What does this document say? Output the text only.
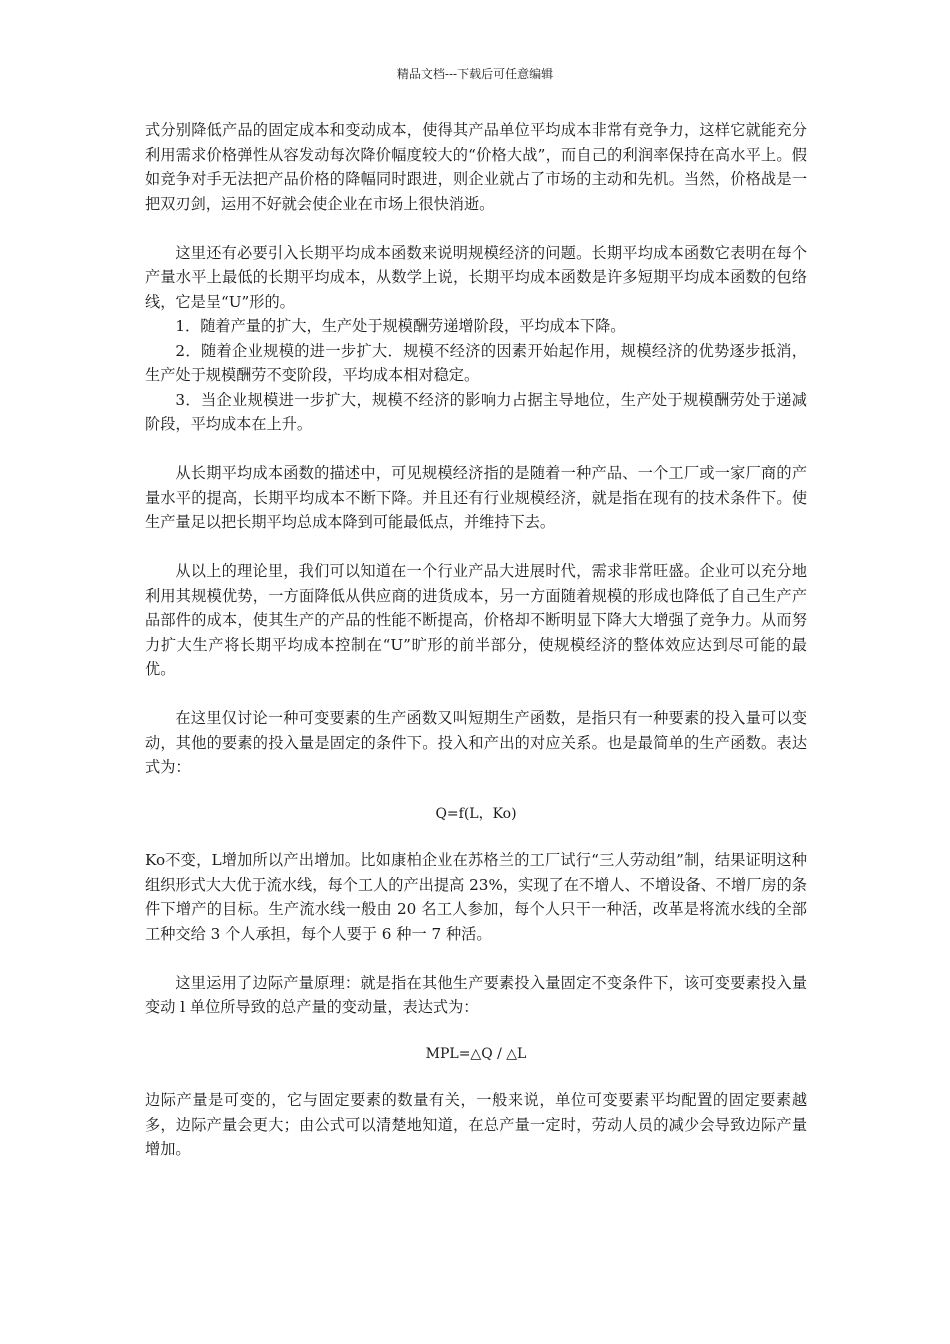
精品文档---下载后可任意编辑

式分别降低产品的固定成本和变动成本，使得其产品单位平均成本非常有竞争力，这样它就能充分利用需求价格弹性从容发动每次降价幅度较大的“价格大战”，而自己的利润率保持在高水平上。假如竞争对手无法把产品价格的降幅同时跟进，则企业就占了市场的主动和先机。当然，价格战是一把双刃剑，运用不好就会使企业在市场上很快消逝。

这里还有必要引入长期平均成本函数来说明规模经济的问题。长期平均成本函数它表明在每个产量水平上最低的长期平均成本，从数学上说，长期平均成本函数是许多短期平均成本函数的包络线，它是呈“U”形的。

1．随着产量的扩大，生产处于规模酬劳递增阶段，平均成本下降。

2．随着企业规模的进一步扩大．规模不经济的因素开始起作用，规模经济的优势逐步抵消，生产处于规模酬劳不变阶段，平均成本相对稳定。

3．当企业规模进一步扩大，规模不经济的影响力占据主导地位，生产处于规模酬劳处于递减阶段，平均成本在上升。

从长期平均成本函数的描述中，可见规模经济指的是随着一种产品、一个工厂或一家厂商的产量水平的提高，长期平均成本不断下降。并且还有行业规模经济，就是指在现有的技术条件下。使生产量足以把长期平均总成本降到可能最低点，并维持下去。

从以上的理论里，我们可以知道在一个行业产品大进展时代，需求非常旺盛。企业可以充分地利用其规模优势，一方面降低从供应商的进货成本，另一方面随着规模的形成也降低了自己生产产品部件的成本，使其生产的产品的性能不断提高，价格却不断明显下降大大增强了竞争力。从而努力扩大生产将长期平均成本控制在“U”旷形的前半部分，使规模经济的整体效应达到尽可能的最优。

在这里仅讨论一种可变要素的生产函数又叫短期生产函数，是指只有一种要素的投入量可以变动，其他的要素的投入量是固定的条件下。投入和产出的对应关系。也是最简单的生产函数。表达式为：

Q=f(L，Ko)

Ko不变，L增加所以产出增加。比如康柏企业在苏格兰的工厂试行“三人劳动组”制，结果证明这种组织形式大大优于流水线，每个工人的产出提高 23%，实现了在不增人、不增设备、不增厂房的条件下增产的目标。生产流水线一般由 20 名工人参加，每个人只干一种活，改革是将流水线的全部工种交给 3 个人承担，每个人要于 6 种一 7 种活。

这里运用了边际产量原理：就是指在其他生产要素投入量固定不变条件下，该可变要素投入量变动 l 单位所导致的总产量的变动量，表达式为：

MPL=△Q / △L

边际产量是可变的，它与固定要素的数量有关，一般来说，单位可变要素平均配置的固定要素越多，边际产量会更大；由公式可以清楚地知道，在总产量一定时，劳动人员的减少会导致边际产量增加。
